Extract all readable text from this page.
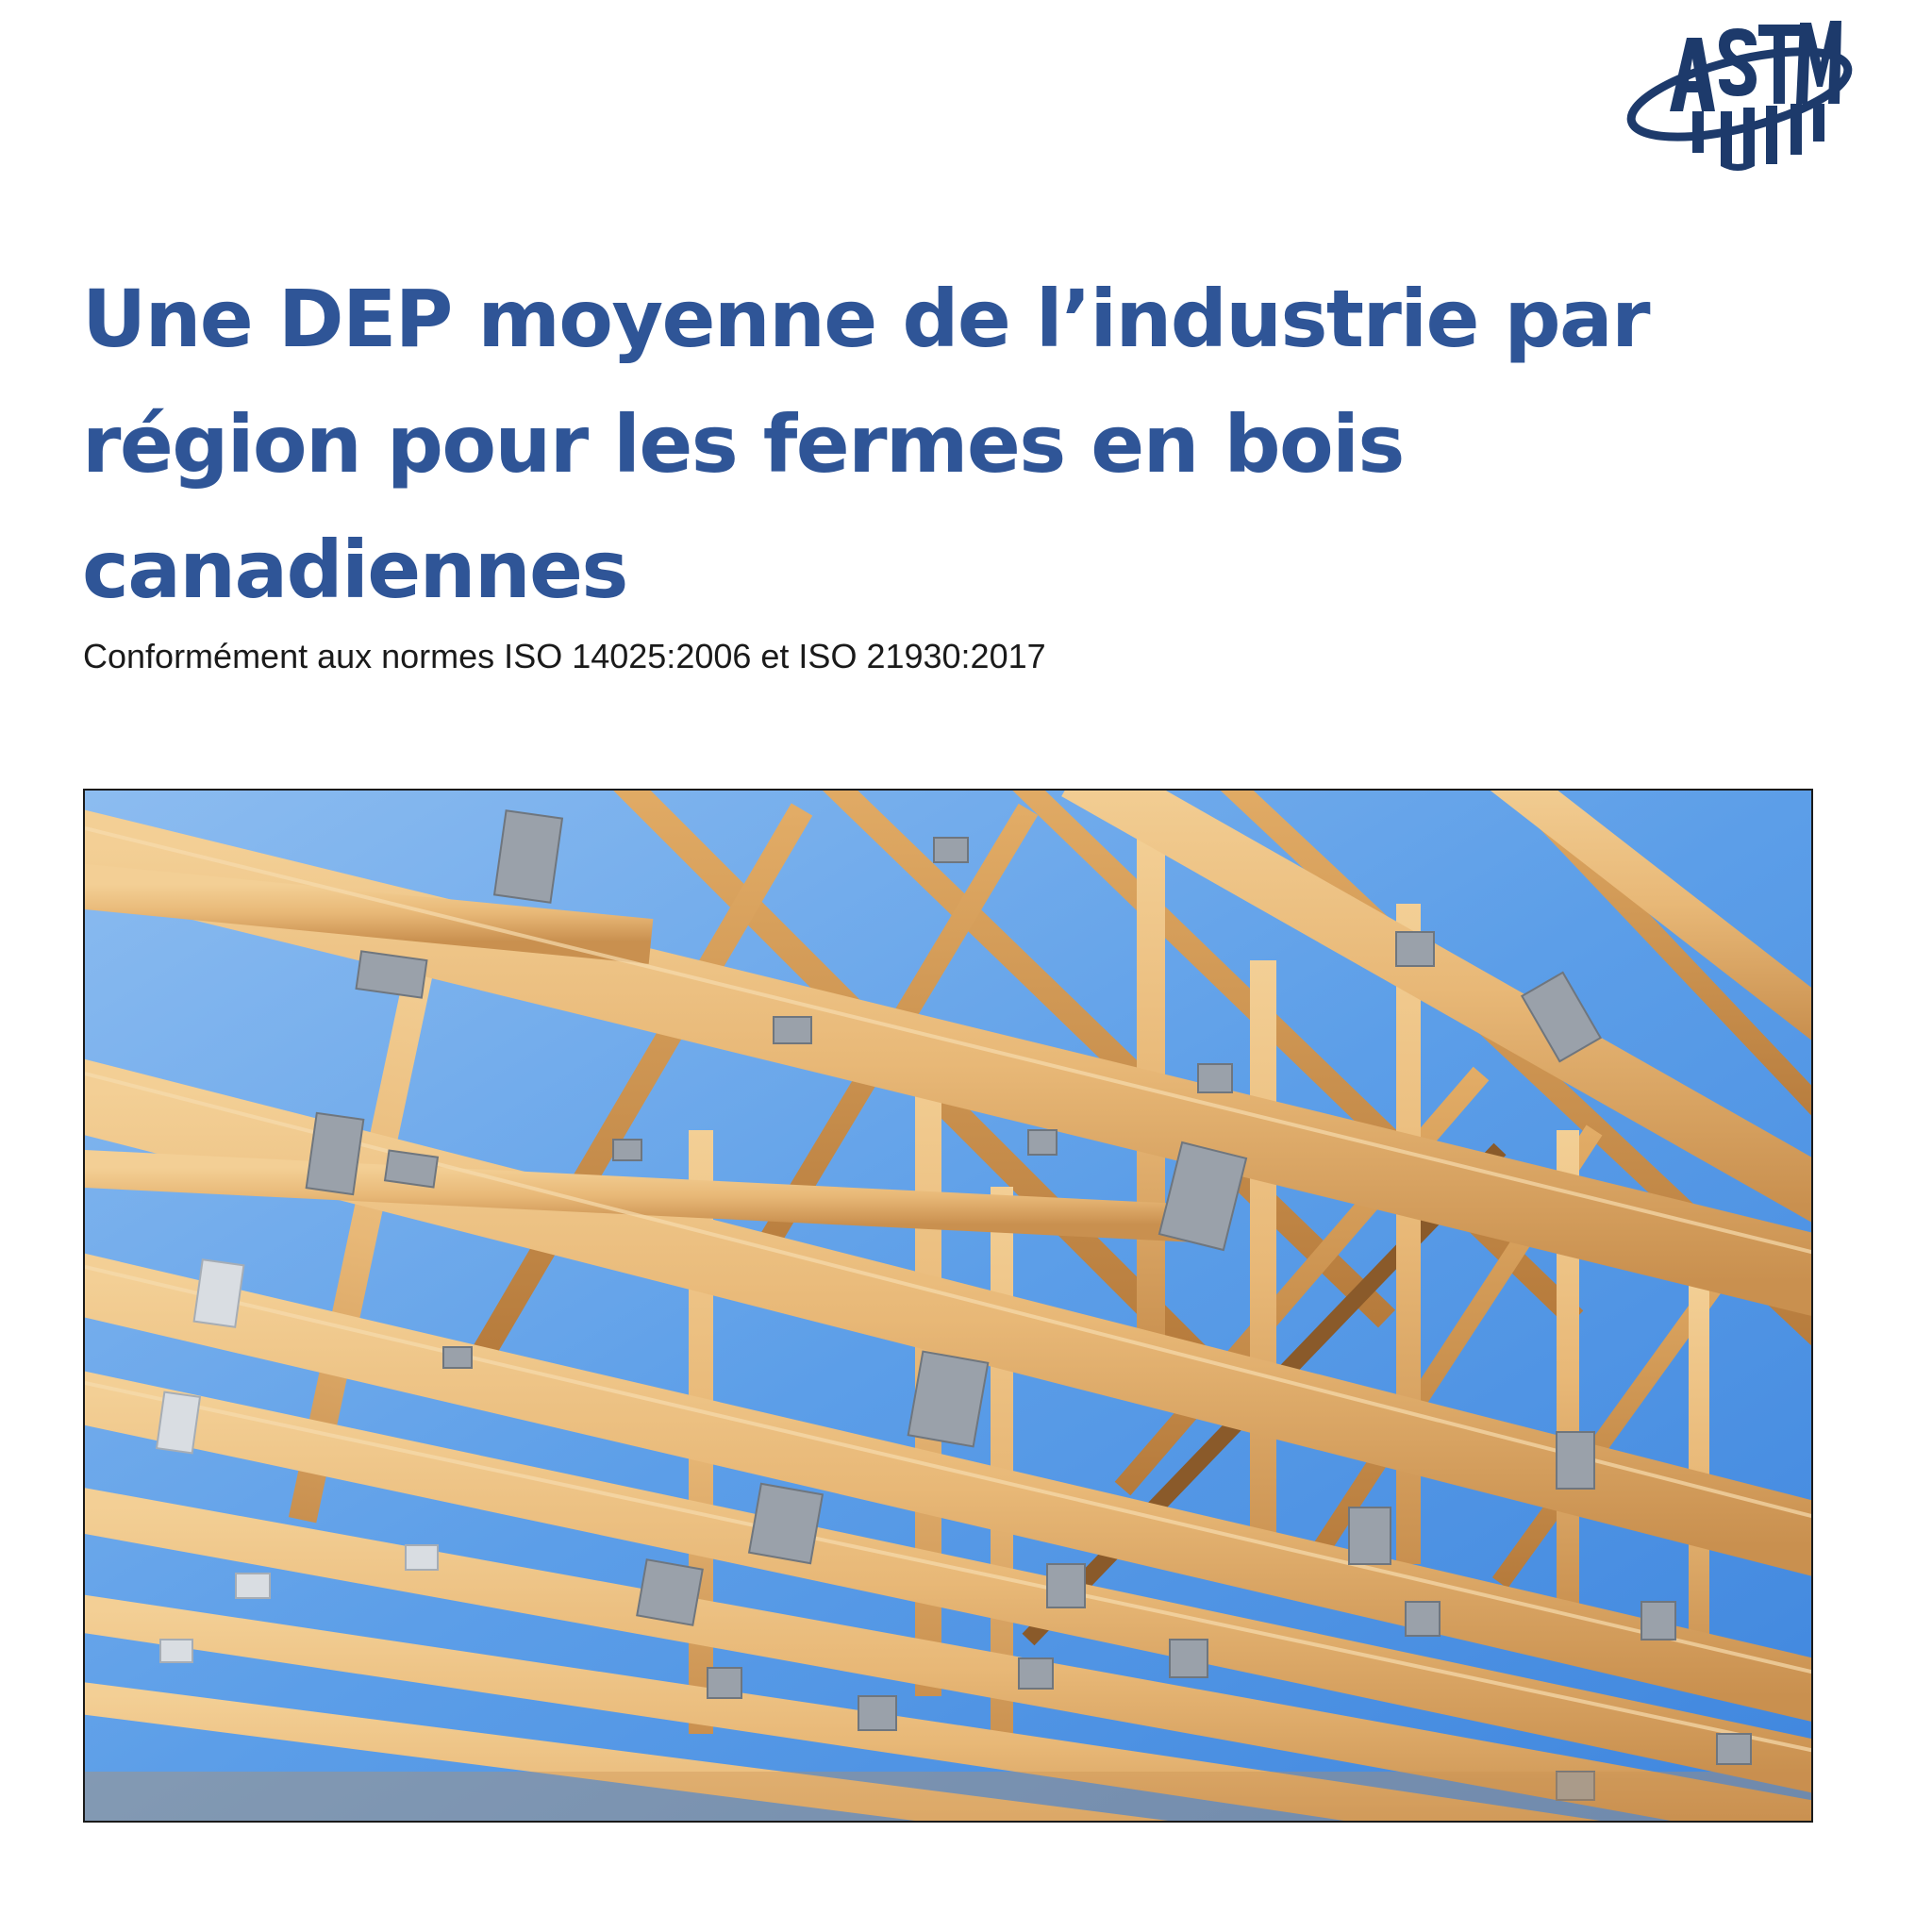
ASTM
Une DEP moyenne de l’industrie par
région pour les fermes en bois
canadiennes

Conformément aux normes ISO 14025:2006 et ISO 21930:2017
